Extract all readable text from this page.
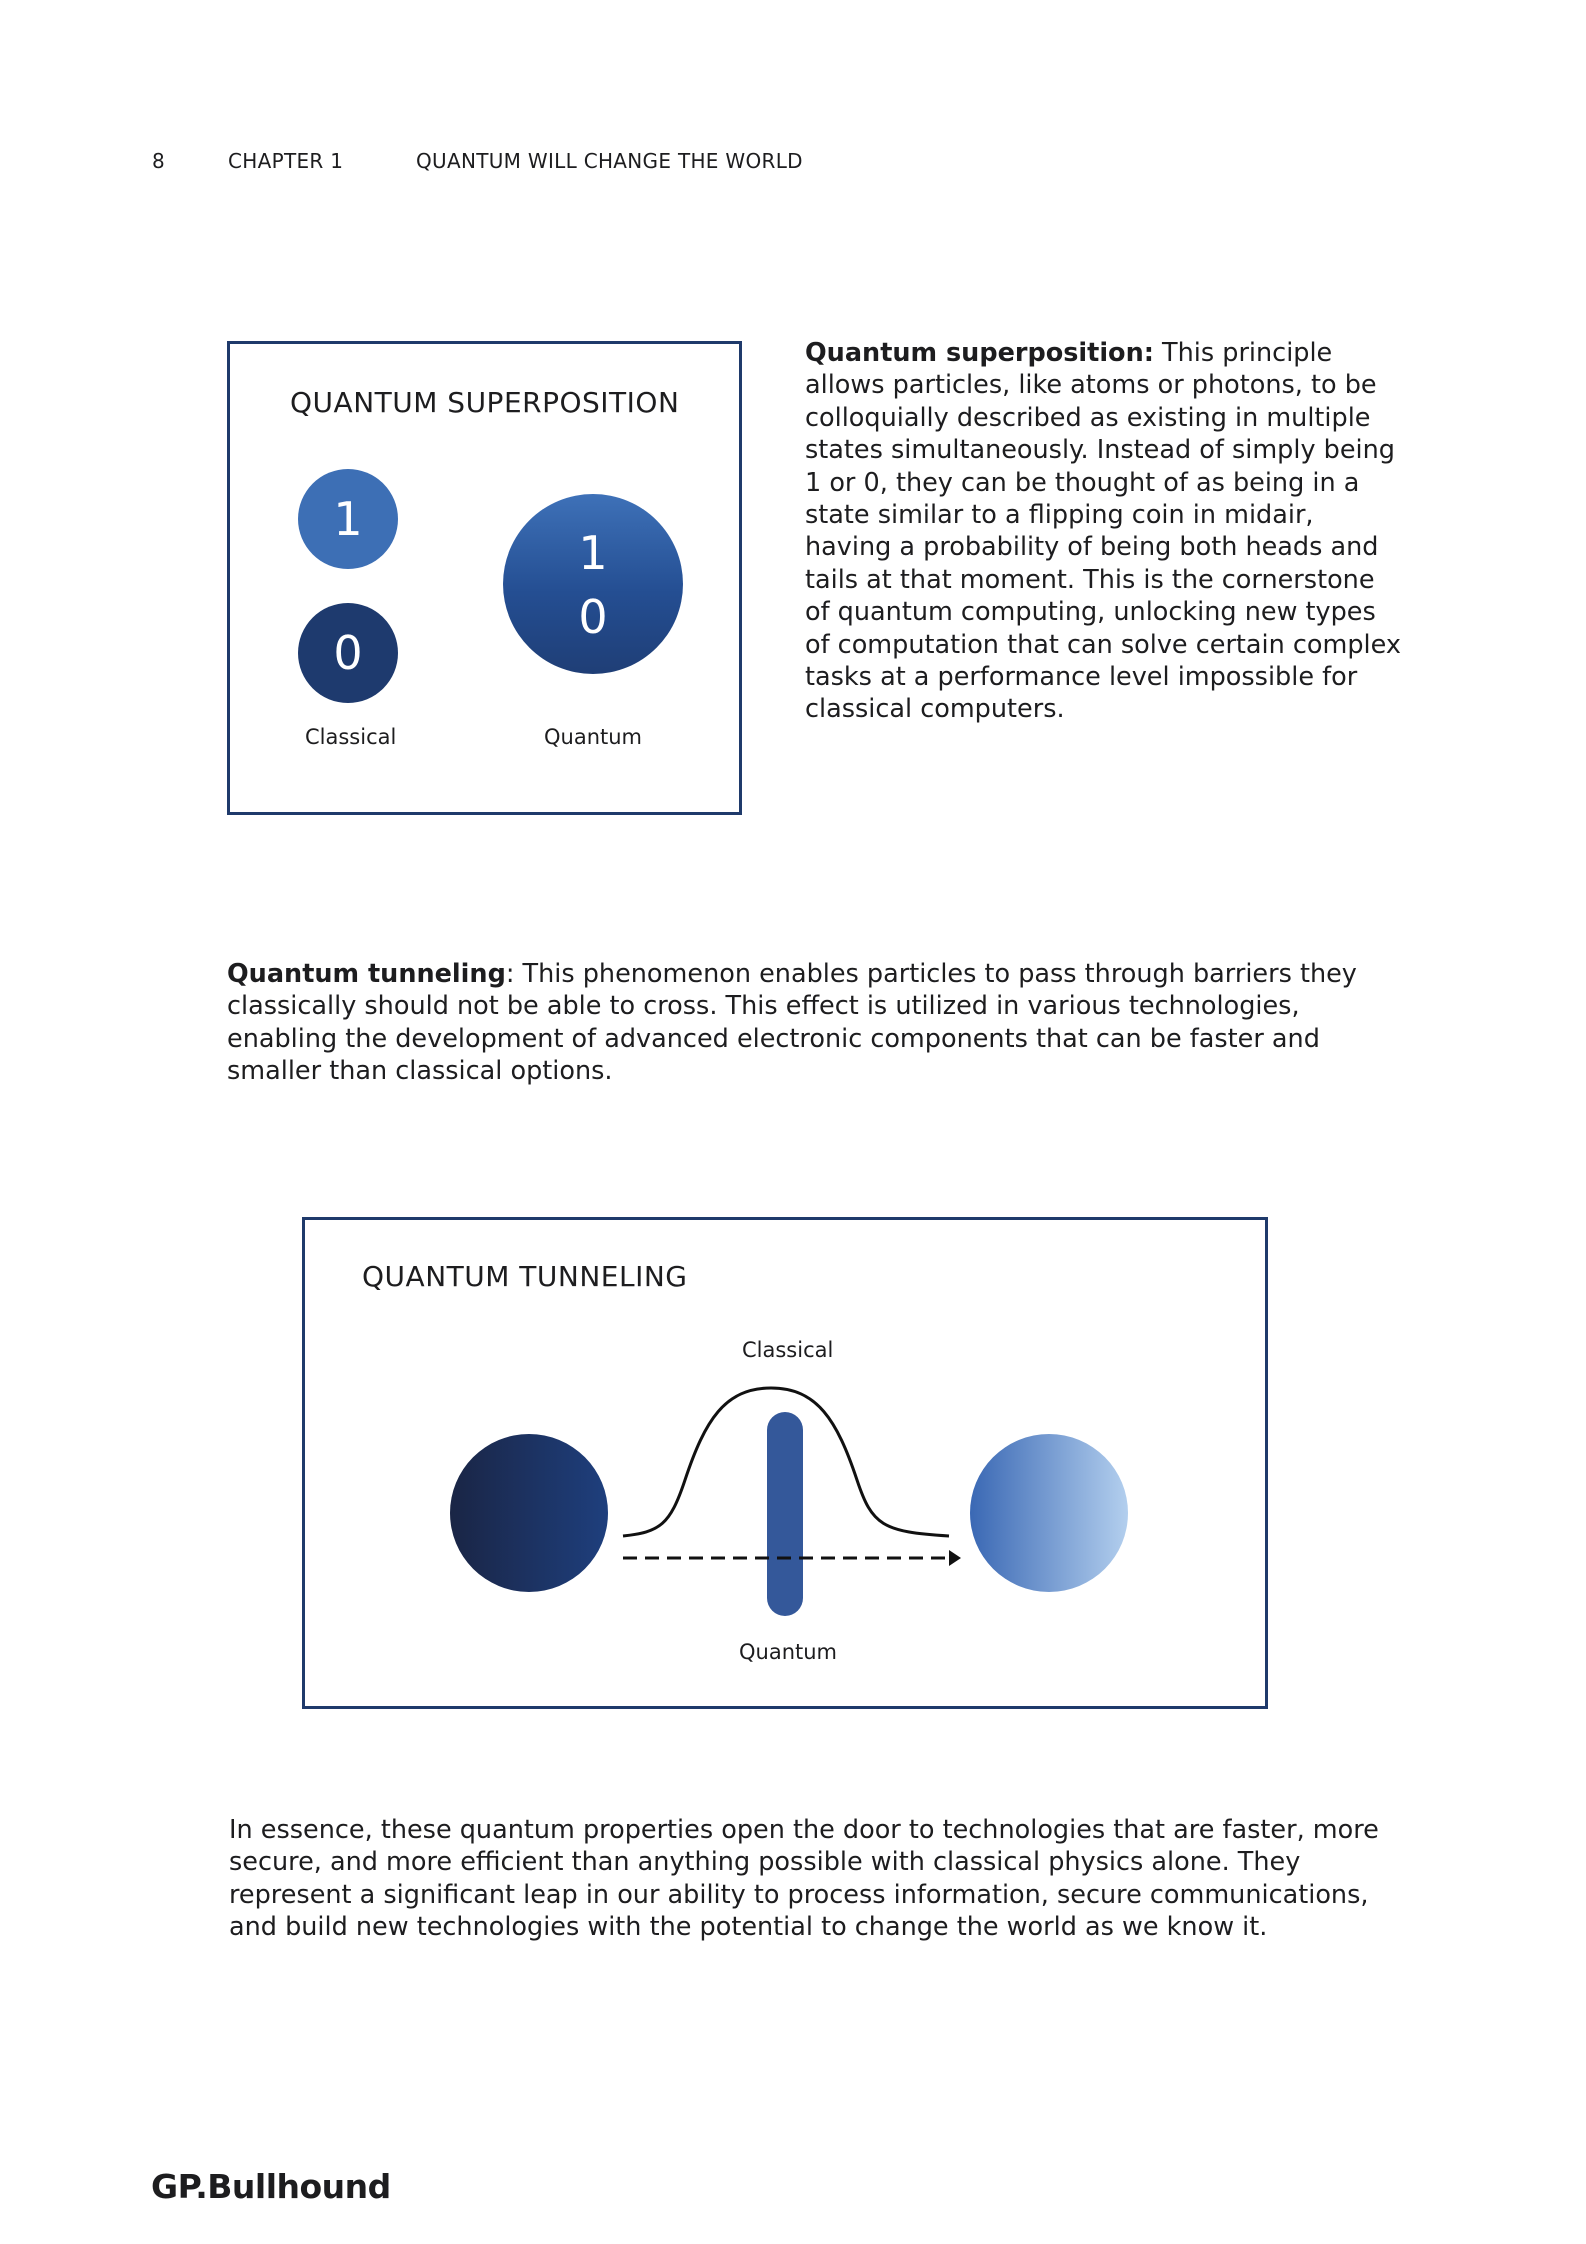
8	CHAPTER 1	QUANTUM WILL CHANGE THE WORLD
QUANTUM SUPERPOSITION
1
0
1
0
Classical	Quantum

Quantum superposition: This principle allows particles, like atoms or photons, to be colloquially described as existing in multiple states simultaneously. Instead of simply being 1 or 0, they can be thought of as being in a state similar to a flipping coin in midair, having a probability of being both heads and tails at that moment. This is the cornerstone of quantum computing, unlocking new types of computation that can solve certain complex tasks at a performance level impossible for classical computers.

Quantum tunneling: This phenomenon enables particles to pass through barriers they classically should not be able to cross. This effect is utilized in various technologies, enabling the development of advanced electronic components that can be faster and smaller than classical options.

QUANTUM TUNNELING
Classical
Quantum

In essence, these quantum properties open the door to technologies that are faster, more secure, and more efficient than anything possible with classical physics alone. They represent a significant leap in our ability to process information, secure communications, and build new technologies with the potential to change the world as we know it.

GP.Bullhound
